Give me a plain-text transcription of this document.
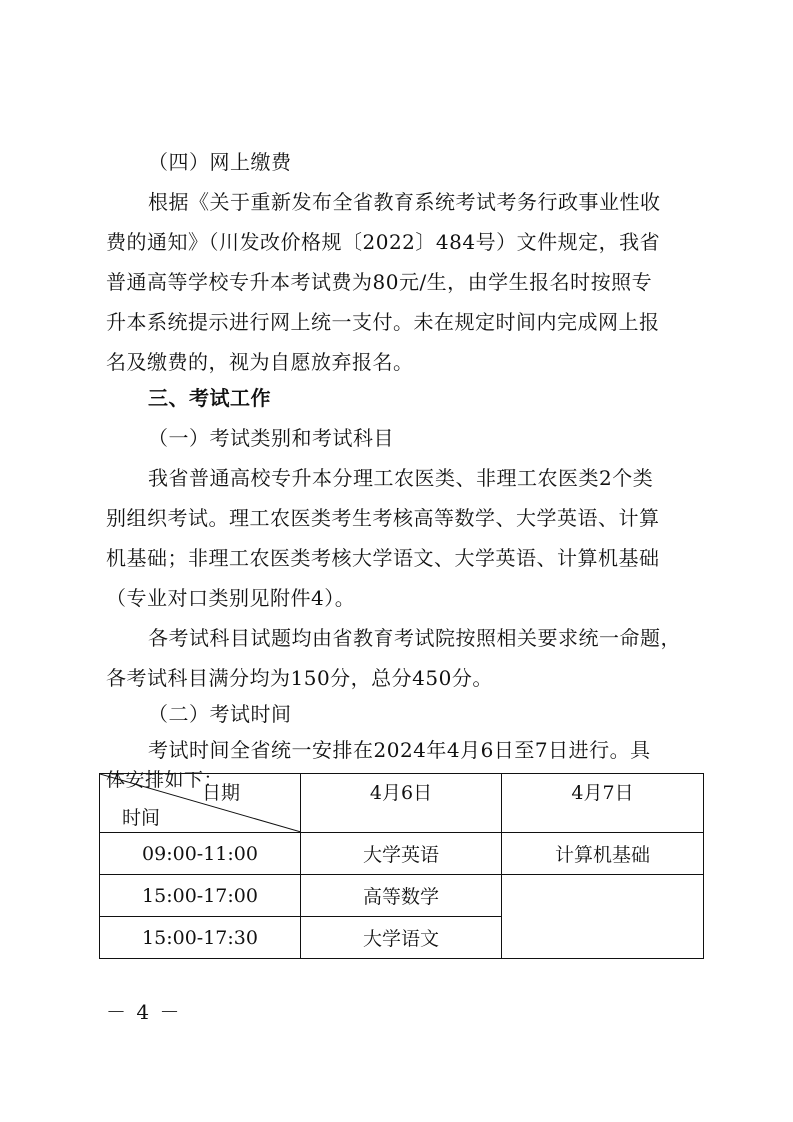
（四）网上缴费
根据《关于重新发布全省教育系统考试考务行政事业性收
费的通知》（川发改价格规〔2022〕484号）文件规定，我省
普通高等学校专升本考试费为80元/生，由学生报名时按照专
升本系统提示进行网上统一支付。未在规定时间内完成网上报
名及缴费的，视为自愿放弃报名。
三、考试工作
（一）考试类别和考试科目
我省普通高校专升本分理工农医类、非理工农医类2个类
别组织考试。理工农医类考生考核高等数学、大学英语、计算
机基础；非理工农医类考核大学语文、大学英语、计算机基础
（专业对口类别见附件4）。
各考试科目试题均由省教育考试院按照相关要求统一命题，
各考试科目满分均为150分，总分450分。
（二）考试时间
考试时间全省统一安排在2024年4月6日至7日进行。具
体安排如下：
日期
时间	4月6日	4月7日
09:00-11:00	大学英语	计算机基础
15:00-17:00	高等数学	
15:00-17:30	大学语文	
－ 4 －
